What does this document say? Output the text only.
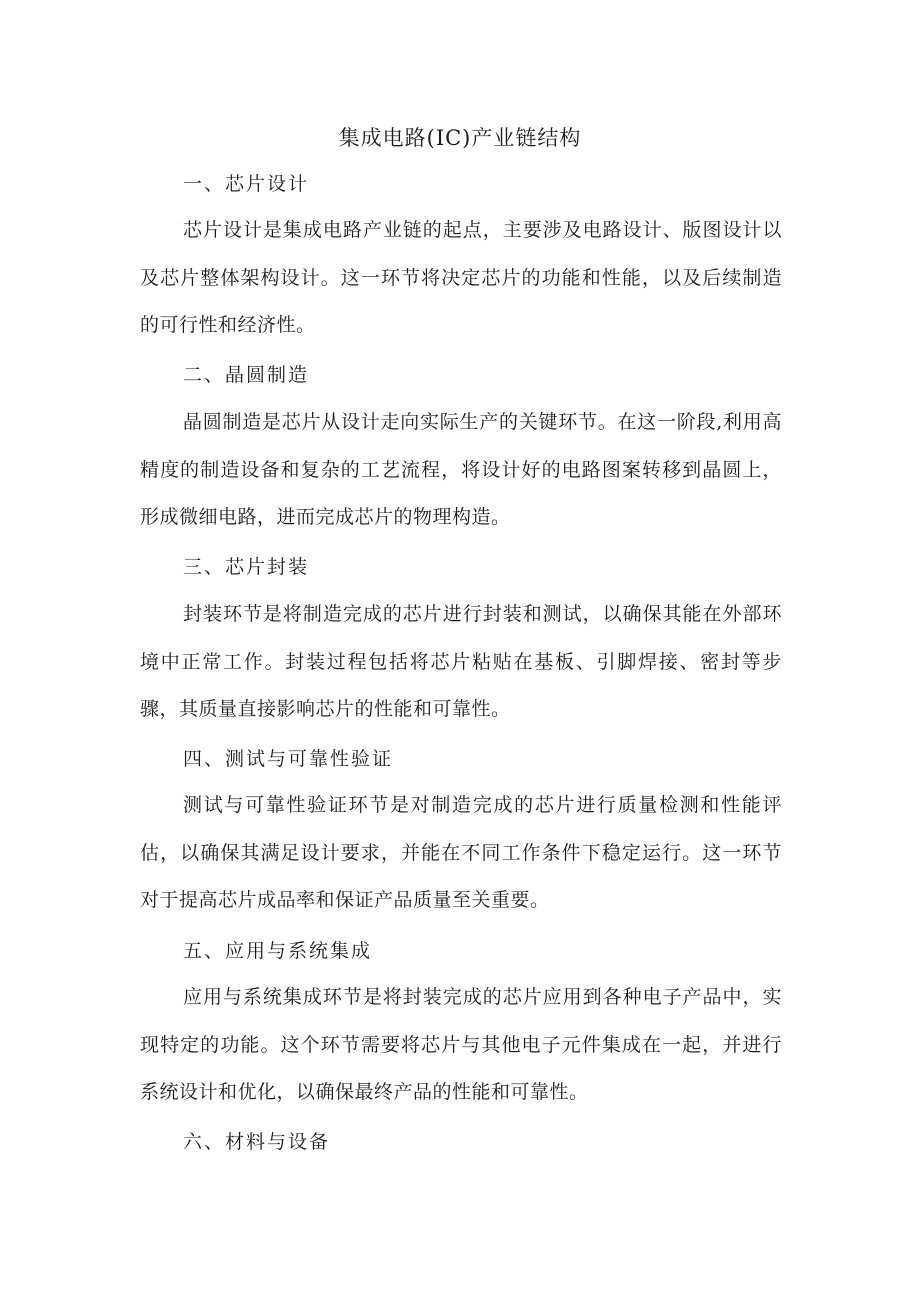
集成电路(IC)产业链结构
一、芯片设计

芯片设计是集成电路产业链的起点，主要涉及电路设计、版图设计以及芯片整体架构设计。这一环节将决定芯片的功能和性能，以及后续制造的可行性和经济性。

二、晶圆制造

晶圆制造是芯片从设计走向实际生产的关键环节。在这一阶段,利用高精度的制造设备和复杂的工艺流程，将设计好的电路图案转移到晶圆上，形成微细电路，进而完成芯片的物理构造。

三、芯片封装

封装环节是将制造完成的芯片进行封装和测试，以确保其能在外部环境中正常工作。封装过程包括将芯片粘贴在基板、引脚焊接、密封等步骤，其质量直接影响芯片的性能和可靠性。

四、测试与可靠性验证

测试与可靠性验证环节是对制造完成的芯片进行质量检测和性能评估，以确保其满足设计要求，并能在不同工作条件下稳定运行。这一环节对于提高芯片成品率和保证产品质量至关重要。

五、应用与系统集成

应用与系统集成环节是将封装完成的芯片应用到各种电子产品中，实现特定的功能。这个环节需要将芯片与其他电子元件集成在一起，并进行系统设计和优化，以确保最终产品的性能和可靠性。

六、材料与设备
